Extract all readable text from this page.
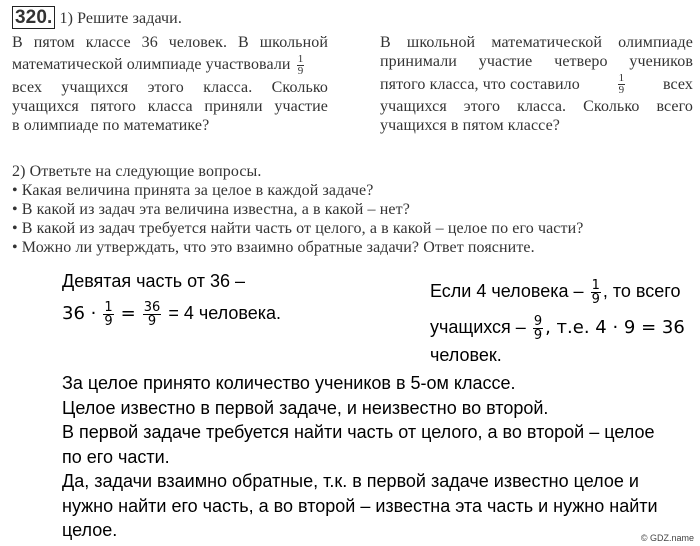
320. 1) Решите задачи.
В пятом классе 36 человек. В школьной
математической олимпиаде участвовали $\frac{1}{9}$
всех учащихся этого класса. Сколько
учащихся пятого класса приняли участие
в олимпиаде по математике?
В школьной математической олимпиаде
принимали участие четверо учеников
пятого класса, что составило	$\frac{1}{9}$ всех
учащихся этого класса. Сколько всего
учащихся в пятом классе?
2) Ответьте на следующие вопросы.
• Какая величина принята за целое в каждой задаче?
• В какой из задач эта величина известна, а в какой – нет?
• В какой из задач требуется найти часть от целого, а в какой – целое по его части?
• Можно ли утверждать, что это взаимно обратные задачи? Ответ поясните.
Девятая часть от 36 –
$36 \cdot \frac{1}{9} = \frac{36}{9} = 4$ человека.
Если 4 человека – $\frac{1}{9}$ , то всего
учащихся – $\frac{9}{9}$ , т.е. 4 · 9 = 36
человек.
За целое принято количество учеников в 5-ом классе.
Целое известно в первой задаче, и неизвестно во второй.
В первой задаче требуется найти часть от целого, а во второй – целое
по его части.
Да, задачи взаимно обратные, т.к. в первой задаче известно целое и
нужно найти его часть, а во второй – известна эта часть и нужно найти
целое.	© GDZ.name
